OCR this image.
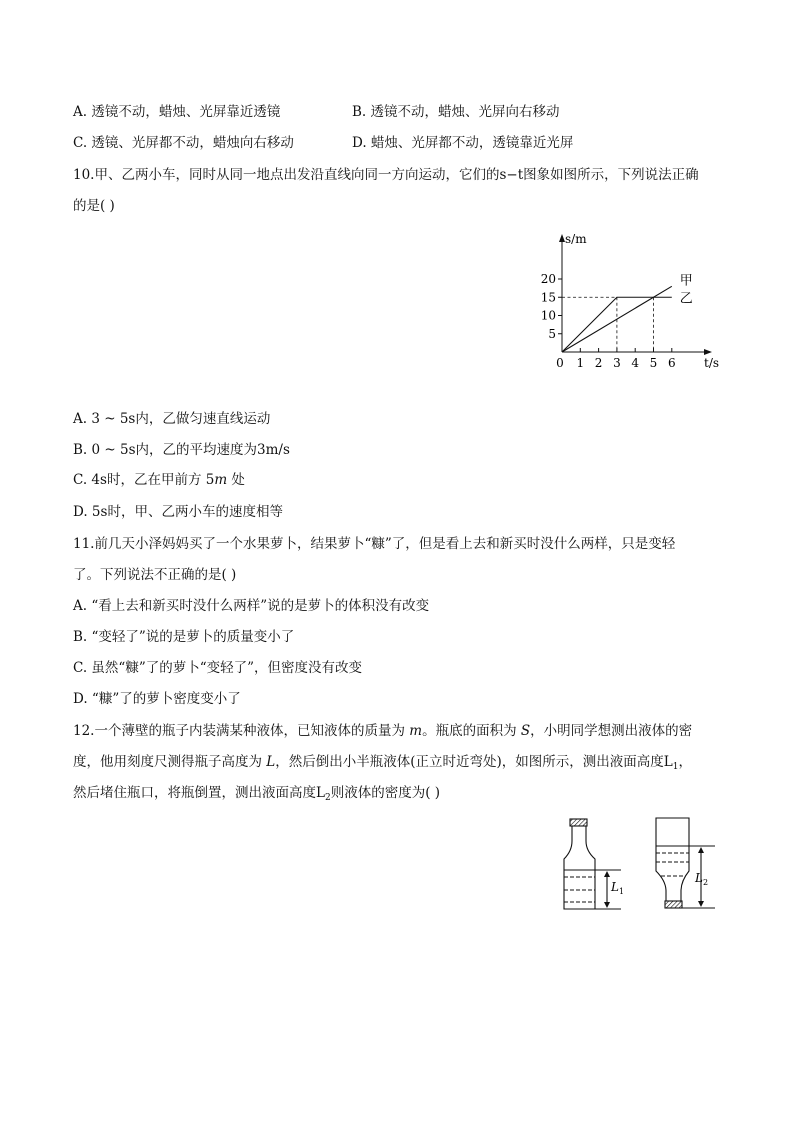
A. 透镜不动，蜡烛、光屏靠近透镜	B. 透镜不动，蜡烛、光屏向右移动
C. 透镜、光屏都不动，蜡烛向右移动	D. 蜡烛、光屏都不动，透镜靠近光屏
10.甲、乙两小车，同时从同一地点出发沿直线向同一方向运动，它们的s−t图象如图所示，下列说法正确
的是( )
s/m
t/s
5
10
15
20
0 1 2 3 4 5 6
甲
乙
A. 3 ~ 5s内，乙做匀速直线运动
B. 0 ~ 5s内，乙的平均速度为3m/s
C. 4s时，乙在甲前方 5m 处
D. 5s时，甲、乙两小车的速度相等
11.前几天小泽妈妈买了一个水果萝卜，结果萝卜“糠”了，但是看上去和新买时没什么两样，只是变轻
了。下列说法不正确的是( )
A. “看上去和新买时没什么两样”说的是萝卜的体积没有改变
B. “变轻了”说的是萝卜的质量变小了
C. 虽然“糠”了的萝卜“变轻了”，但密度没有改变
D. “糠”了的萝卜密度变小了
12.一个薄壁的瓶子内装满某种液体，已知液体的质量为 m。瓶底的面积为 S，小明同学想测出液体的密
度，他用刻度尺测得瓶子高度为 L，然后倒出小半瓶液体(正立时近弯处)，如图所示，测出液面高度$L_1$，
然后堵住瓶口，将瓶倒置，测出液面高度$L_2$则液体的密度为( )
$L_1$
$L_2$
